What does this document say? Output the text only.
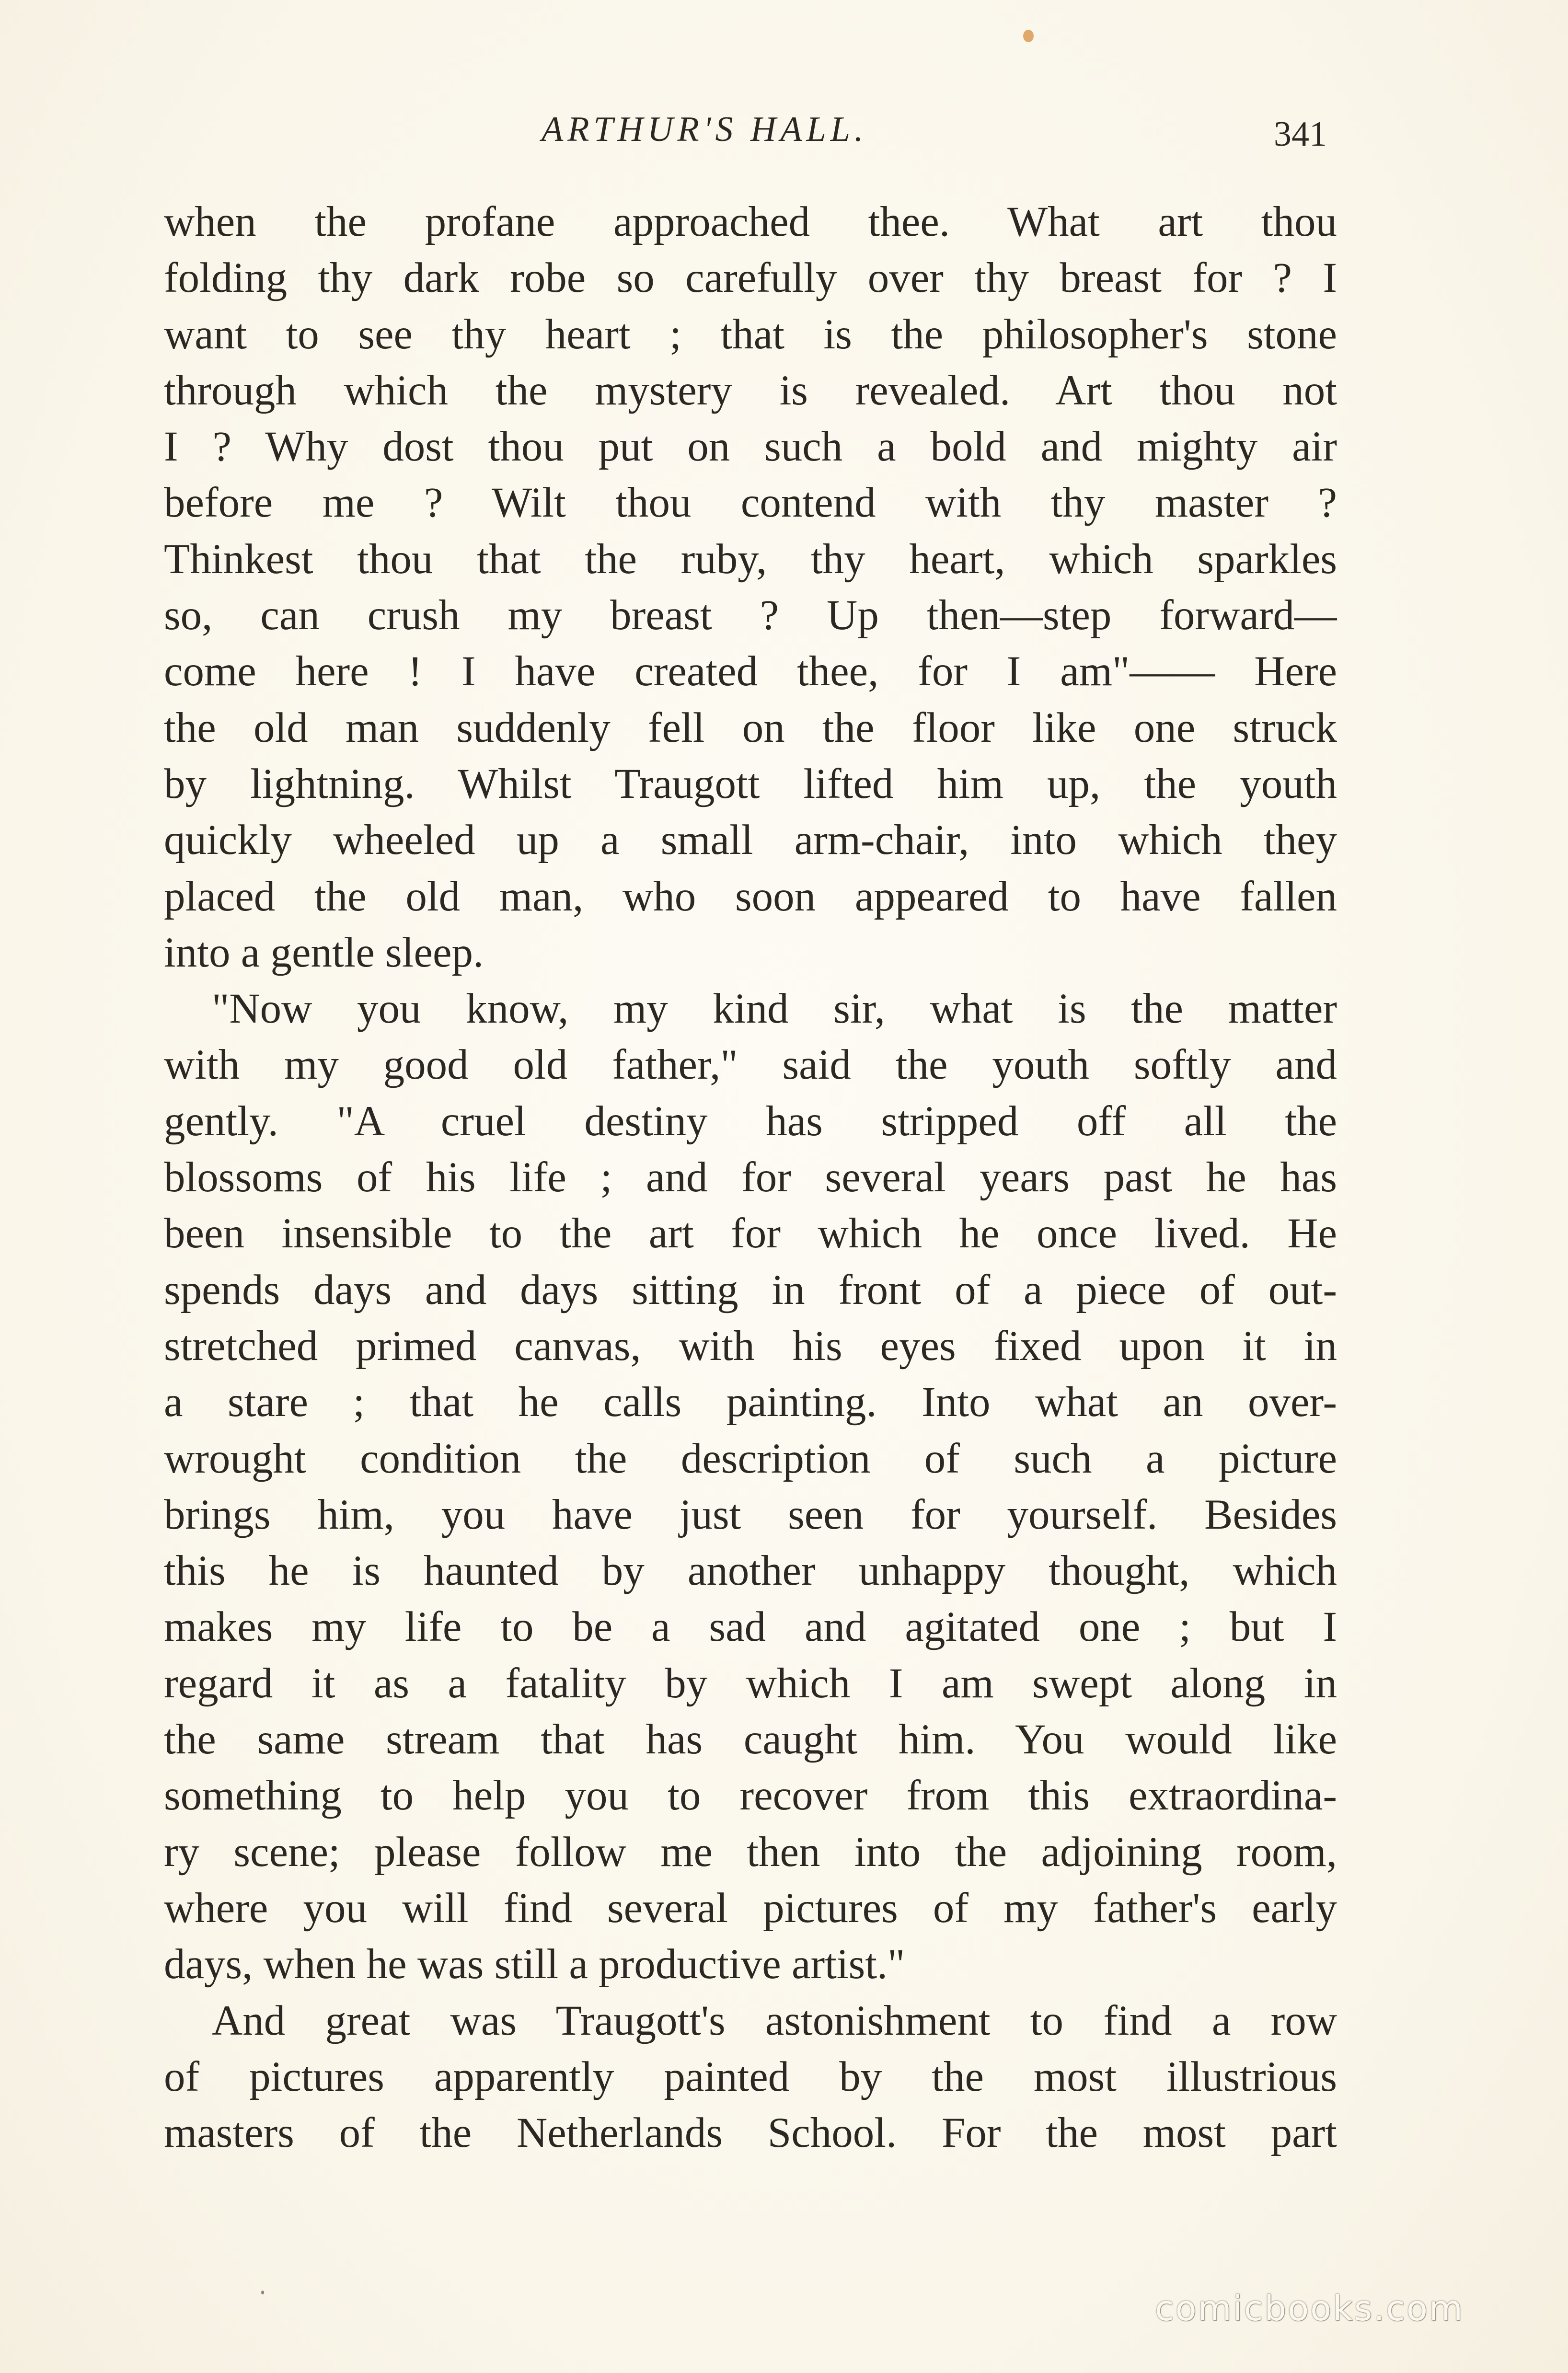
ARTHUR'S HALL.	341
when the profane approached thee. What art thou
folding thy dark robe so carefully over thy breast for ? I
want to see thy heart ; that is the philosopher's stone
through which the mystery is revealed. Art thou not
I ? Why dost thou put on such a bold and mighty air
before me ? Wilt thou contend with thy master ?
Thinkest thou that the ruby, thy heart, which sparkles
so, can crush my breast ? Up then—step forward—
come here ! I have created thee, for I am"—— Here
the old man suddenly fell on the floor like one struck
by lightning. Whilst Traugott lifted him up, the youth
quickly wheeled up a small arm-chair, into which they
placed the old man, who soon appeared to have fallen
into a gentle sleep.
"Now you know, my kind sir, what is the matter
with my good old father," said the youth softly and
gently. "A cruel destiny has stripped off all the
blossoms of his life ; and for several years past he has
been insensible to the art for which he once lived. He
spends days and days sitting in front of a piece of out-
stretched primed canvas, with his eyes fixed upon it in
a stare ; that he calls painting. Into what an over-
wrought condition the description of such a picture
brings him, you have just seen for yourself. Besides
this he is haunted by another unhappy thought, which
makes my life to be a sad and agitated one ; but I
regard it as a fatality by which I am swept along in
the same stream that has caught him. You would like
something to help you to recover from this extraordina-
ry scene; please follow me then into the adjoining room,
where you will find several pictures of my father's early
days, when he was still a productive artist."
And great was Traugott's astonishment to find a row
of pictures apparently painted by the most illustrious
masters of the Netherlands School. For the most part
comicbooks.com
